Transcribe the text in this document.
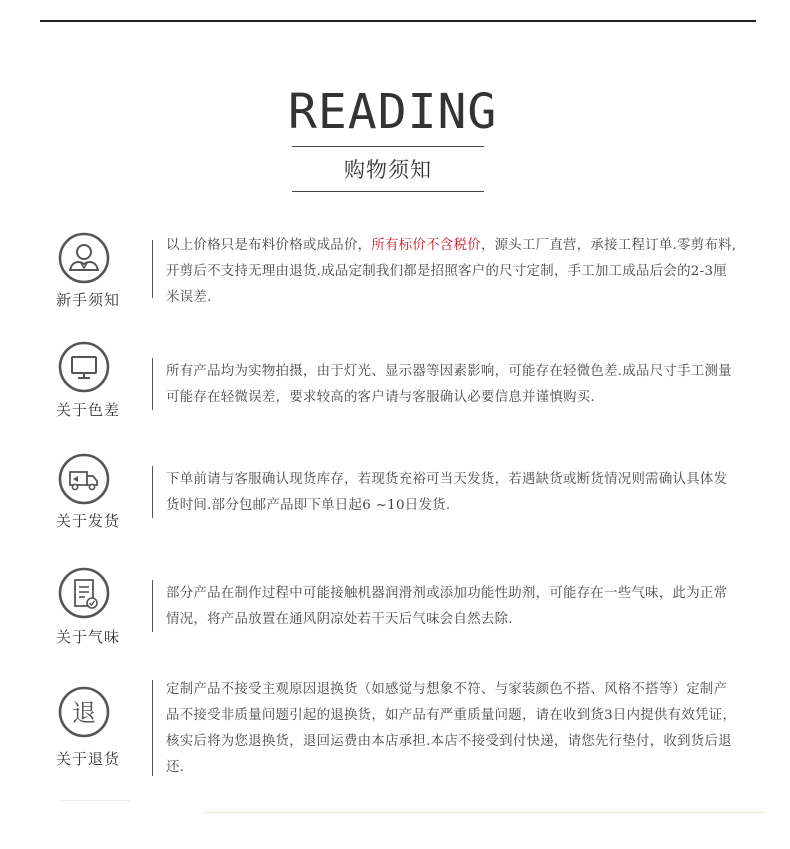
READING
购物须知
新手须知
以上价格只是布料价格或成品价，所有标价不含税价，源头工厂直营，承接工程订单.零剪布料,开剪后不支持无理由退货.成品定制我们都是招照客户的尺寸定制，手工加工成品后会的2-3厘米误差.
关于色差
所有产品均为实物拍摄，由于灯光、显示器等因素影响，可能存在轻微色差.成品尺寸手工测量可能存在轻微误差，要求较高的客户请与客服确认必要信息并谨慎购买.
关于发货
下单前请与客服确认现货库存，若现货充裕可当天发货，若遇缺货或断货情况则需确认具体发货时间.部分包邮产品即下单日起6 ~10日发货.
关于气味
部分产品在制作过程中可能接触机器润滑剂或添加功能性助剂，可能存在一些气味，此为正常情况，将产品放置在通风阴凉处若干天后气味会自然去除.
退
关于退货
定制产品不接受主观原因退换货（如感觉与想象不符、与家装颜色不搭、风格不搭等）定制产品不接受非质量问题引起的退换货，如产品有严重质量问题，请在收到货3日内提供有效凭证，核实后将为您退换货，退回运费由本店承担.本店不接受到付快递，请您先行垫付，收到货后退还.
